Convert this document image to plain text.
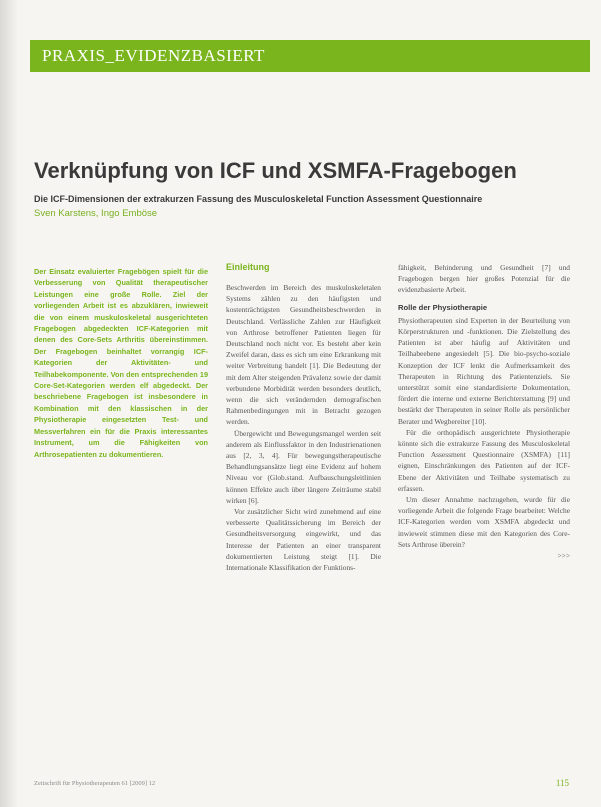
PRAXIS_EVIDENZBASIERT
Verknüpfung von ICF und XSMFA-Fragebogen
Die ICF-Dimensionen der extrakurzen Fassung des Musculoskeletal Function Assessment Questionnaire
Sven Karstens, Ingo Emböse
Der Einsatz evaluierter Fragebögen spielt für die Verbesserung von Qualität therapeutischer Leistungen eine große Rolle. Ziel der vorliegenden Arbeit ist es abzuklären, inwieweit die von einem muskuloskeletal ausgerichteten Fragebogen abgedeckten ICF-Kategorien mit denen des Core-Sets Arthritis übereinstimmen. Der Fragebogen beinhaltet vorrangig ICF-Kategorien der Aktivitäten- und Teilhabekomponente. Von den entsprechenden 19 Core-Set-Kategorien werden elf abgedeckt. Der beschriebene Fragebogen ist insbesondere in Kombination mit den klassischen in der Physiotherapie eingesetzten Test- und Messverfahren ein für die Praxis interessantes Instrument, um die Fähigkeiten von Arthrosepatienten zu dokumentieren.
Einleitung

Beschwerden im Bereich des muskuloskeletalen Systems zählen zu den häufigsten und kostenträchtigsten Gesundheitsbeschwerden in Deutschland. Verlässliche Zahlen zur Häufigkeit von Arthrose betroffener Patienten liegen für Deutschland noch nicht vor. Es besteht aber kein Zweifel daran, dass es sich um eine Erkrankung mit weiter Verbreitung handelt [1]. Die Bedeutung der mit dem Alter steigenden Prävalenz sowie der damit verbundene Morbidität werden besonders deutlich, wenn die sich verändernden demografischen Rahmenbedingungen mit in Betracht gezogen werden.

Übergewicht und Bewegungsmangel werden seit anderem als Einflussfaktor in den Industrienationen aus [2, 3, 4]. Für bewegungstherapeutische Behandlungsansätze liegt eine Evidenz auf hohem Niveau vor (Glob.stand. Aufbauschungsleitlinien können Effekte auch über längere Zeiträume stabil wirken [6].

Vor zusätzlicher Sicht wird zunehmend auf eine verbesserte Qualitätssicherung im Bereich der Gesundheitsversorgung eingewirkt, und das Interesse der Patienten an einer transparent dokumentierten Leistung steigt [1]. Die Internationale Klassifikation der Funktions-

fähigkeit, Behinderung und Gesundheit [7] und Fragebogen bergen hier großes Potenzial für die evidenzbasierte Arbeit.

Rolle der Physiotherapie

Physiotherapeuten sind Experten in der Beurteilung von Körperstrukturen und -funktionen. Die Zielstellung des Patienten ist aber häufig auf Aktivitäten und Teilhabeebene angesiedelt [5]. Die bio-psycho-soziale Konzeption der ICF lenkt die Aufmerksamkeit des Therapeuten in Richtung des Patientenziels. Sie unterstützt somit eine standardisierte Dokumentation, fördert die interne und externe Berichterstattung [9] und bestärkt der Therapeuten in seiner Rolle als persönlicher Berater und Wegbereiter [10].

Für die orthopädisch ausgerichtete Physiotherapie könnte sich die extrakurze Fassung des Musculoskeletal Function Assessment Questionnaire (XSMFA) [11] eignen, Einschränkungen des Patienten auf der ICF-Ebene der Aktivitäten und Teilhabe systematisch zu erfassen.

Um dieser Annahme nachzugehen, wurde für die vorliegende Arbeit die folgende Frage bearbeitet: Welche ICF-Kategorien werden vom XSMFA abgedeckt und inwieweit stimmen diese mit den Kategorien des Core-Sets Arthrose überein?

>>>

Zeitschrift für Physiotherapeuten 61 [2009] 12	115
